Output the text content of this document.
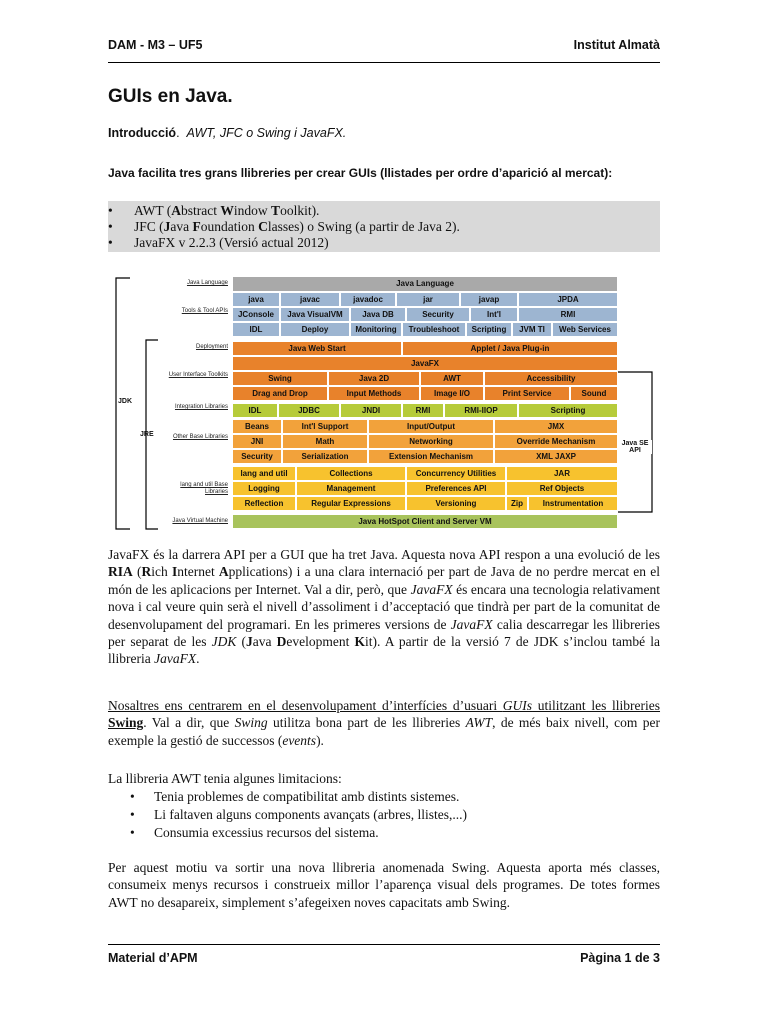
DAM - M3 – UF5	Institut Almatà
GUIs en Java.
Introducció. AWT, JFC o Swing i JavaFX.
Java facilita tres grans llibreries per crear GUIs (llistades per ordre d’aparició al mercat):
• AWT (Abstract Window Toolkit).
• JFC (Java Foundation Classes) o Swing (a partir de Java 2).
• JavaFX v 2.2.3 (Versió actual 2012)
JDK
JRE
Java SE API
Java Language
Tools & Tool APIs
Deployment
User Interface Toolkits
Integration Libraries
Other Base Libraries
lang and util Base Libraries
Java Virtual Machine
Java Language
java	javac	javadoc	jar	javap	JPDA
JConsole	Java VisualVM	Java DB	Security	Int'l	RMI
IDL	Deploy	Monitoring	Troubleshoot	Scripting	JVM TI	Web Services
Java Web Start	Applet / Java Plug-in
JavaFX
Swing	Java 2D	AWT	Accessibility
Drag and Drop	Input Methods	Image I/O	Print Service	Sound
IDL	JDBC	JNDI	RMI	RMI-IIOP	Scripting
Beans	Int'l Support	Input/Output	JMX
JNI	Math	Networking	Override Mechanism
Security	Serialization	Extension Mechanism	XML JAXP
lang and util	Collections	Concurrency Utilities	JAR
Logging	Management	Preferences API	Ref Objects
Reflection	Regular Expressions	Versioning	Zip	Instrumentation
Java HotSpot Client and Server VM

JavaFX és la darrera API per a GUI que ha tret Java. Aquesta nova API respon a una evolució de les RIA (Rich Internet Applications) i a una clara internació per part de Java de no perdre mercat en el món de les aplicacions per Internet. Val a dir, però, que JavaFX és encara una tecnologia relativament nova i cal veure quin serà el nivell d’assoliment i d’acceptació que tindrà per part de la comunitat de desenvolupament del programari. En les primeres versions de JavaFX calia descarregar les llibreries per separat de les JDK (Java Development Kit). A partir de la versió 7 de JDK s’inclou també la llibreria JavaFX.

Nosaltres ens centrarem en el desenvolupament d’interfícies d’usuari GUIs utilitzant les llibreries Swing. Val a dir, que Swing utilitza bona part de les llibreries AWT, de més baix nivell, com per exemple la gestió de successos (events).

La llibreria AWT tenia algunes limitacions:
• Tenia problemes de compatibilitat amb distints sistemes.
• Li faltaven alguns components avançats (arbres, llistes,...)
• Consumia excessius recursos del sistema.
Per aquest motiu va sortir una nova llibreria anomenada Swing. Aquesta aporta més classes, consumeix menys recursos i construeix millor l’aparença visual dels programes. De totes formes AWT no desapareix, simplement s’afegeixen noves capacitats amb Swing.
Material d’APM	Pàgina 1 de 3
